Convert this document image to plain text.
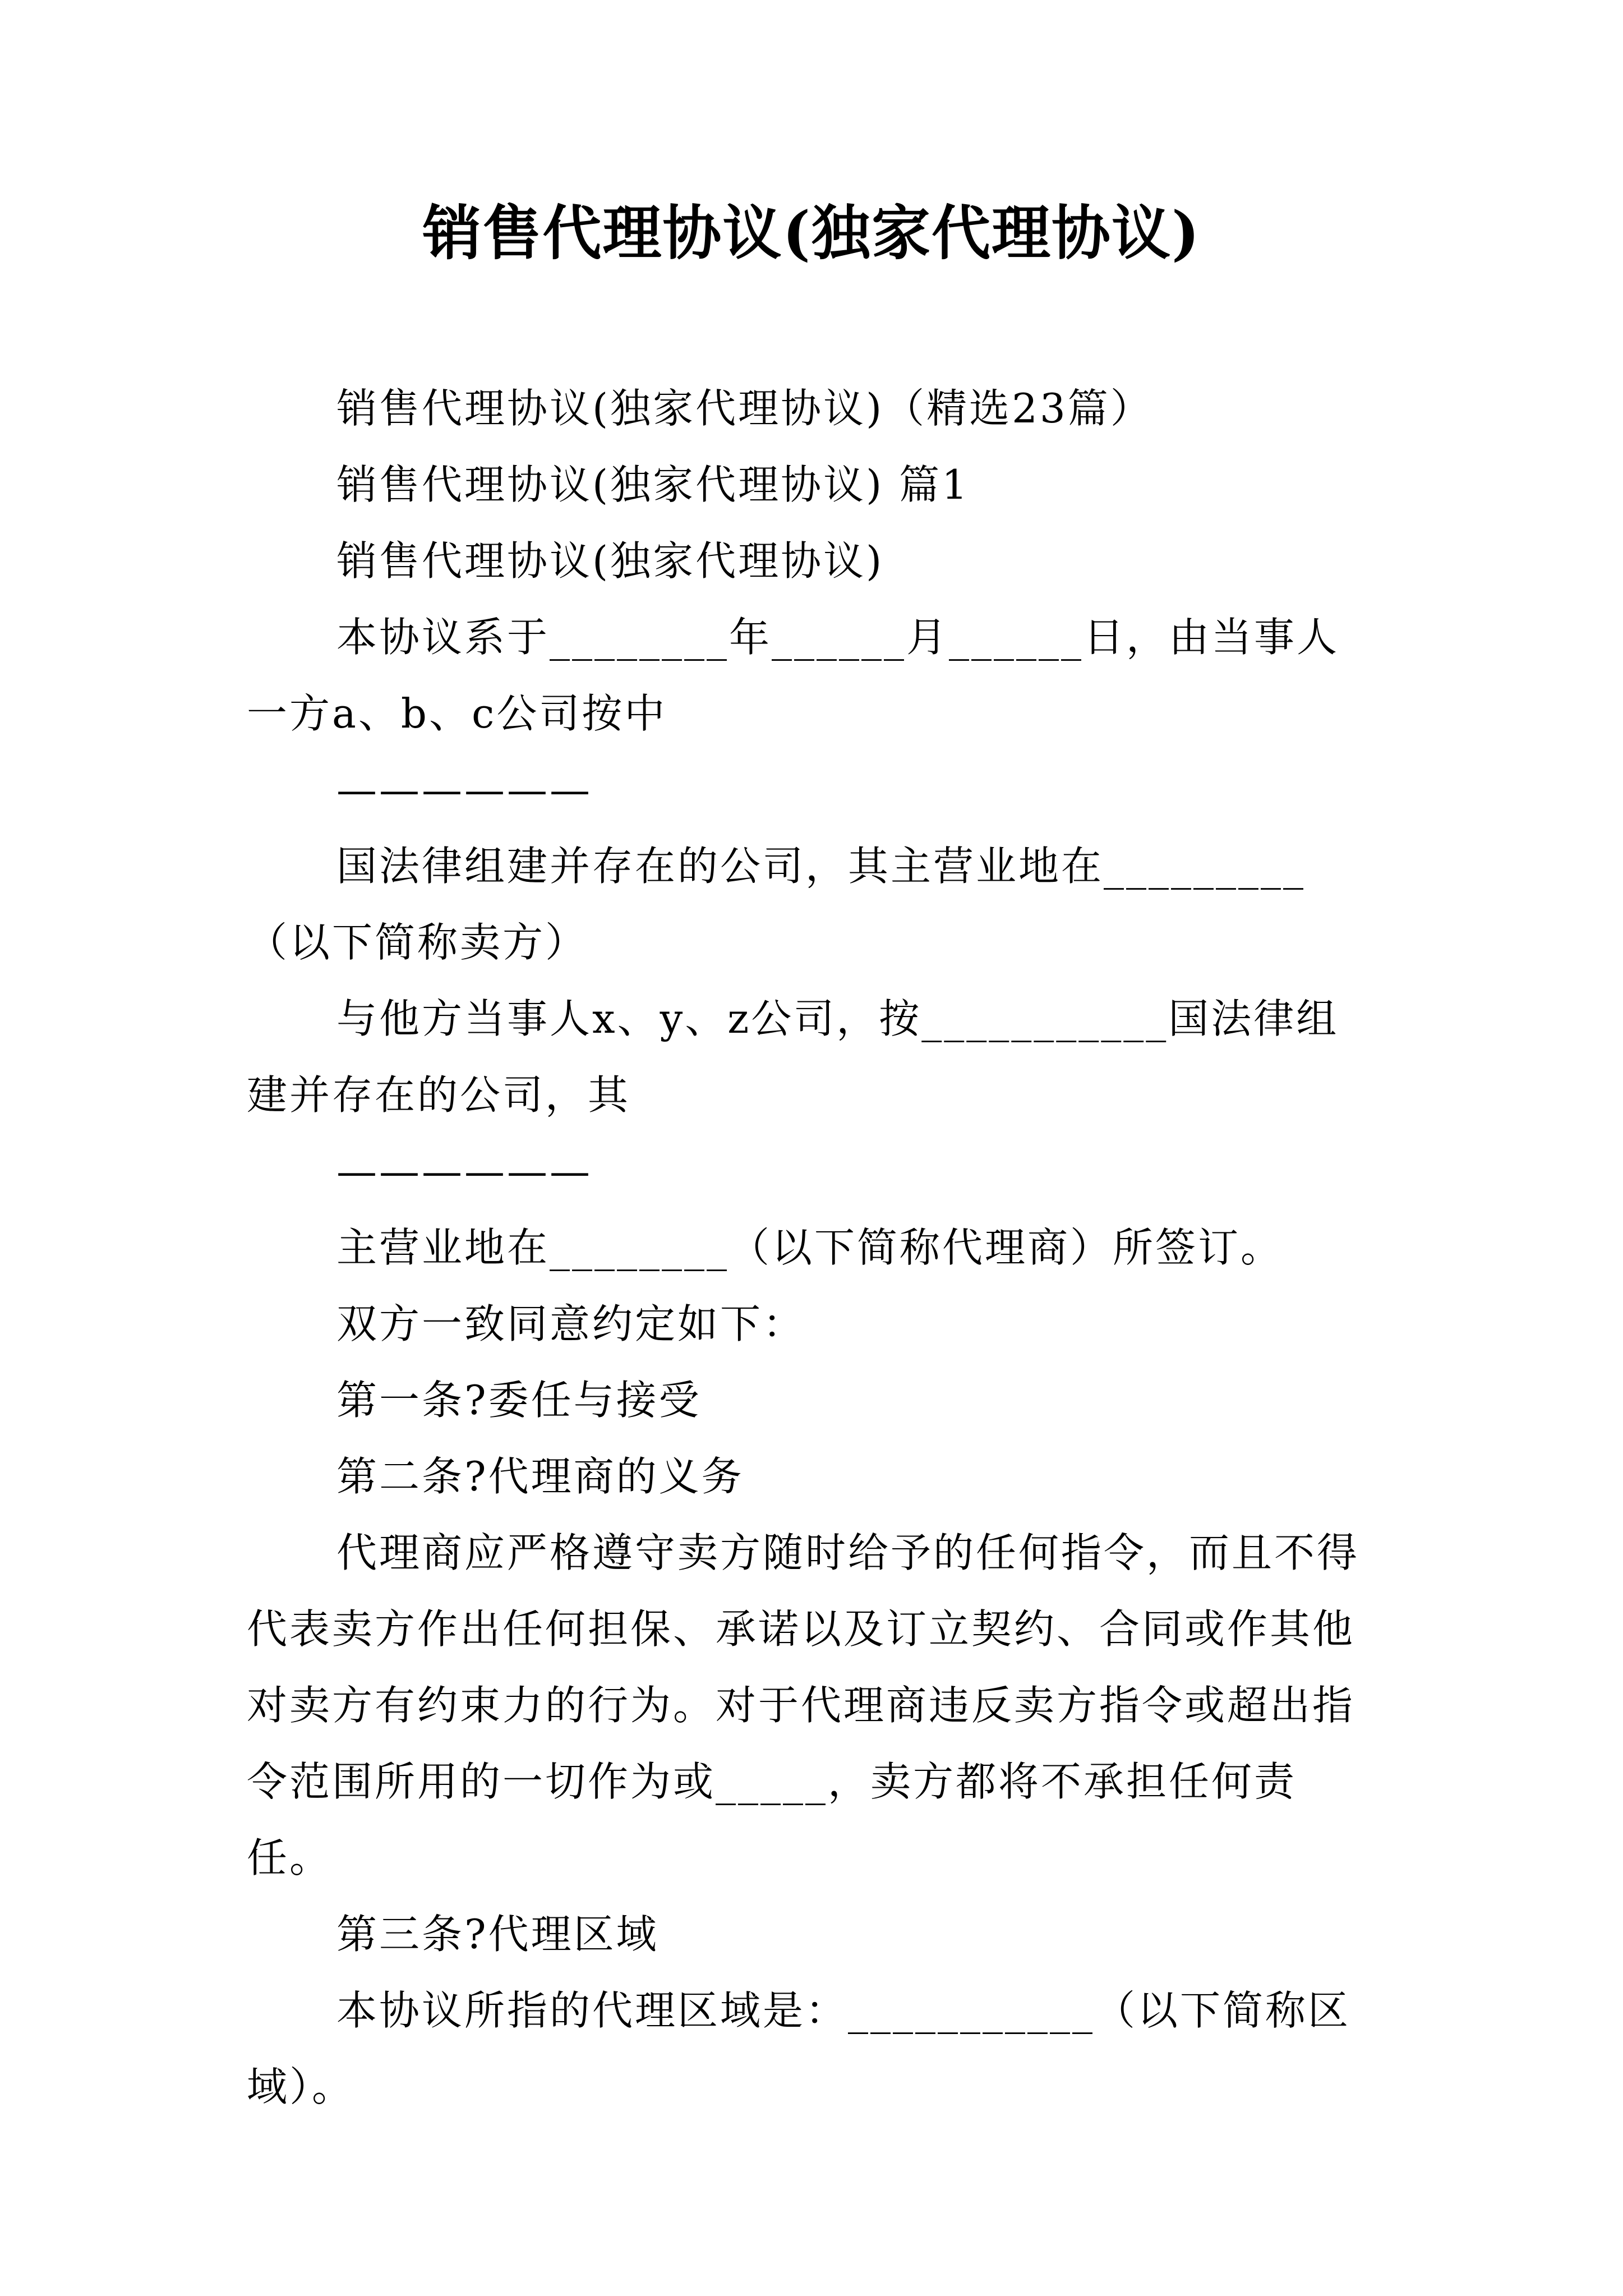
销售代理协议(独家代理协议)

销售代理协议(独家代理协议)（精选23篇）

销售代理协议(独家代理协议) 篇1

销售代理协议(独家代理协议)

本协议系于________年______月______日，由当事人一方a、b、c公司按中

——————

国法律组建并存在的公司，其主营业地在_________（以下简称卖方）

与他方当事人x、y、z公司，按___________国法律组建并存在的公司，其

——————

主营业地在________（以下简称代理商）所签订。

双方一致同意约定如下：

第一条?委任与接受

第二条?代理商的义务

代理商应严格遵守卖方随时给予的任何指令，而且不得代表卖方作出任何担保、承诺以及订立契约、合同或作其他对卖方有约束力的行为。对于代理商违反卖方指令或超出指令范围所用的一切作为或_____，卖方都将不承担任何责任。

第三条?代理区域

本协议所指的代理区域是：___________（以下简称区域）。
